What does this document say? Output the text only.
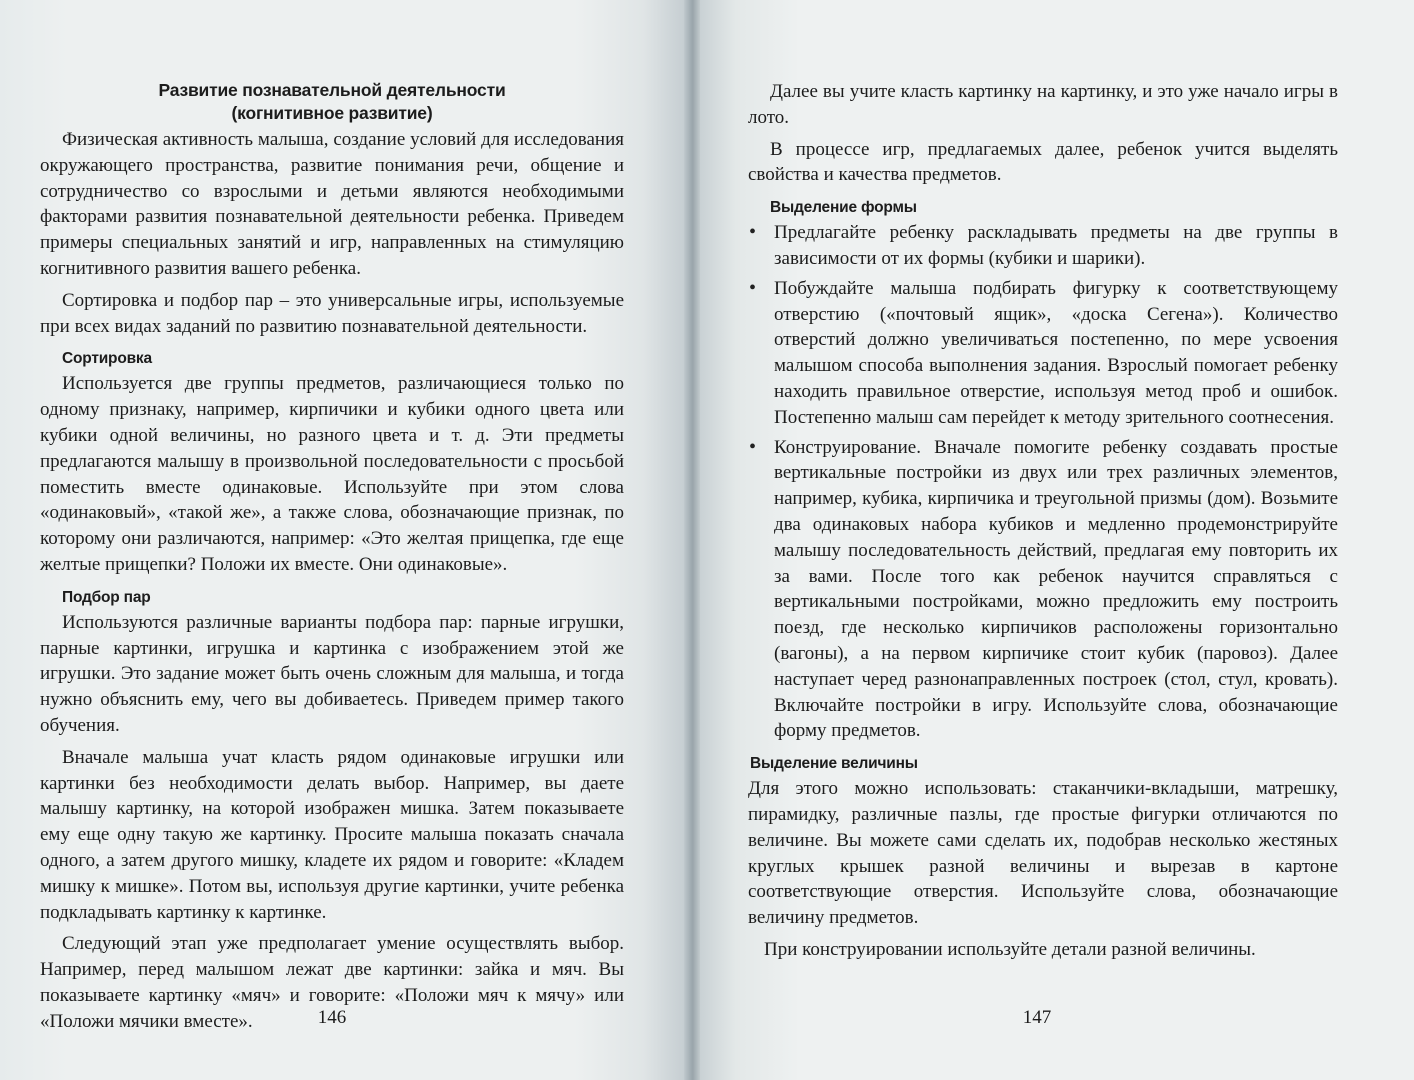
Развитие познавательной деятельности
(когнитивное развитие)

Физическая активность малыша, создание условий для исследования окружающего пространства, развитие понимания речи, общение и сотрудничество со взрослыми и детьми являются необходимыми факторами развития познавательной деятельности ребенка. Приведем примеры специальных занятий и игр, направленных на стимуляцию когнитивного развития вашего ребенка.

Сортировка и подбор пар – это универсальные игры, используемые при всех видах заданий по развитию познавательной деятельности.

Сортировка

Используется две группы предметов, различающиеся только по одному признаку, например, кирпичики и кубики одного цвета или кубики одной величины, но разного цвета и т. д. Эти предметы предлагаются малышу в произвольной последовательности с просьбой поместить вместе одинаковые. Используйте при этом слова «одинаковый», «такой же», а также слова, обозначающие признак, по которому они различаются, например: «Это желтая прищепка, где еще желтые прищепки? Положи их вместе. Они одинаковые».

Подбор пар

Используются различные варианты подбора пар: парные игрушки, парные картинки, игрушка и картинка с изображением этой же игрушки. Это задание может быть очень сложным для малыша, и тогда нужно объяснить ему, чего вы добиваетесь. Приведем пример такого обучения.

Вначале малыша учат класть рядом одинаковые игрушки или картинки без необходимости делать выбор. Например, вы даете малышу картинку, на которой изображен мишка. Затем показываете ему еще одну такую же картинку. Просите малыша показать сначала одного, а затем другого мишку, кладете их рядом и говорите: «Кладем мишку к мишке». Потом вы, используя другие картинки, учите ребенка подкладывать картинку к картинке.

Следующий этап уже предполагает умение осуществлять выбор. Например, перед малышом лежат две картинки: зайка и мяч. Вы показываете картинку «мяч» и говорите: «Положи мяч к мячу» или «Положи мячики вместе».	146

Далее вы учите класть картинку на картинку, и это уже начало игры в лото.

В процессе игр, предлагаемых далее, ребенок учится выделять свойства и качества предметов.

Выделение формы
• Предлагайте ребенку раскладывать предметы на две группы в зависимости от их формы (кубики и шарики).
• Побуждайте малыша подбирать фигурку к соответствующему отверстию («почтовый ящик», «доска Сегена»). Количество отверстий должно увеличиваться постепенно, по мере усвоения малышом способа выполнения задания. Взрослый помогает ребенку находить правильное отверстие, используя метод проб и ошибок. Постепенно малыш сам перейдет к методу зрительного соотнесения.
• Конструирование. Вначале помогите ребенку создавать простые вертикальные постройки из двух или трех различных элементов, например, кубика, кирпичика и треугольной призмы (дом). Возьмите два одинаковых набора кубиков и медленно продемонстрируйте малышу последовательность действий, предлагая ему повторить их за вами. После того как ребенок научится справляться с вертикальными постройками, можно предложить ему построить поезд, где несколько кирпичиков расположены горизонтально (вагоны), а на первом кирпичике стоит кубик (паровоз). Далее наступает черед разнонаправленных построек (стол, стул, кровать). Включайте постройки в игру. Используйте слова, обозначающие форму предметов.
Выделение величины

Для этого можно использовать: стаканчики-вкладыши, матрешку, пирамидку, различные пазлы, где простые фигурки отличаются по величине. Вы можете сами сделать их, подобрав несколько жестяных круглых крышек разной величины и вырезав в картоне соответствующие отверстия. Используйте слова, обозначающие величину предметов.

При конструировании используйте детали разной величины.

147
